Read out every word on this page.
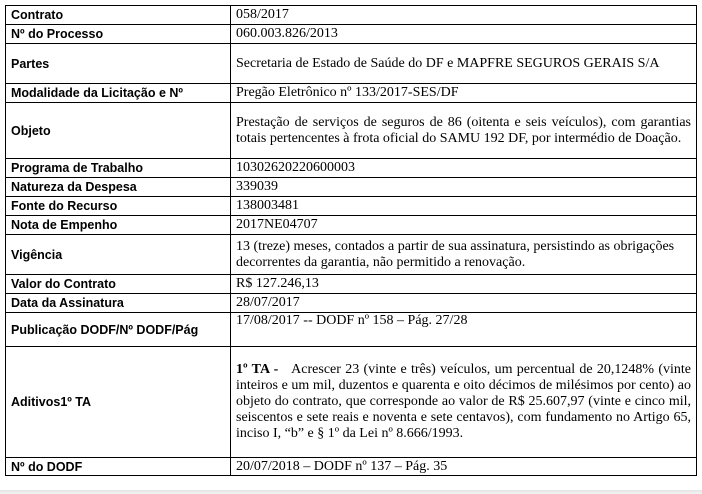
Contrato	058/2017
Nº do Processo	060.003.826/2013
Partes	Secretaria de Estado de Saúde do DF e MAPFRE SEGUROS GERAIS S/A
Modalidade da Licitação e Nº	Pregão Eletrônico nº 133/2017-SES/DF
Objeto	Prestação de serviços de seguros de 86 (oitenta e seis veículos), com garantias totais pertencentes à frota oficial do SAMU 192 DF, por intermédio de Doação.
Programa de Trabalho	10302620220600003
Natureza da Despesa	339039
Fonte do Recurso	138003481
Nota de Empenho	2017NE04707
Vigência	13 (treze) meses, contados a partir de sua assinatura, persistindo as obrigações decorrentes da garantia, não permitido a renovação.
Valor do Contrato	R$ 127.246,13
Data da Assinatura	28/07/2017
Publicação DODF/Nº DODF/Pág	17/08/2017 -- DODF nº 158 – Pág. 27/28
Aditivos1º TA	1º TA - Acrescer 23 (vinte e três) veículos, um percentual de 20,1248% (vinte inteiros e um mil, duzentos e quarenta e oito décimos de milésimos por cento) ao objeto do contrato, que corresponde ao valor de R$ 25.607,97 (vinte e cinco mil, seiscentos e sete reais e noventa e sete centavos), com fundamento no Artigo 65, inciso I, “b” e § 1º da Lei nº 8.666/1993.
Nº do DODF	20/07/2018 – DODF nº 137 – Pág. 35
